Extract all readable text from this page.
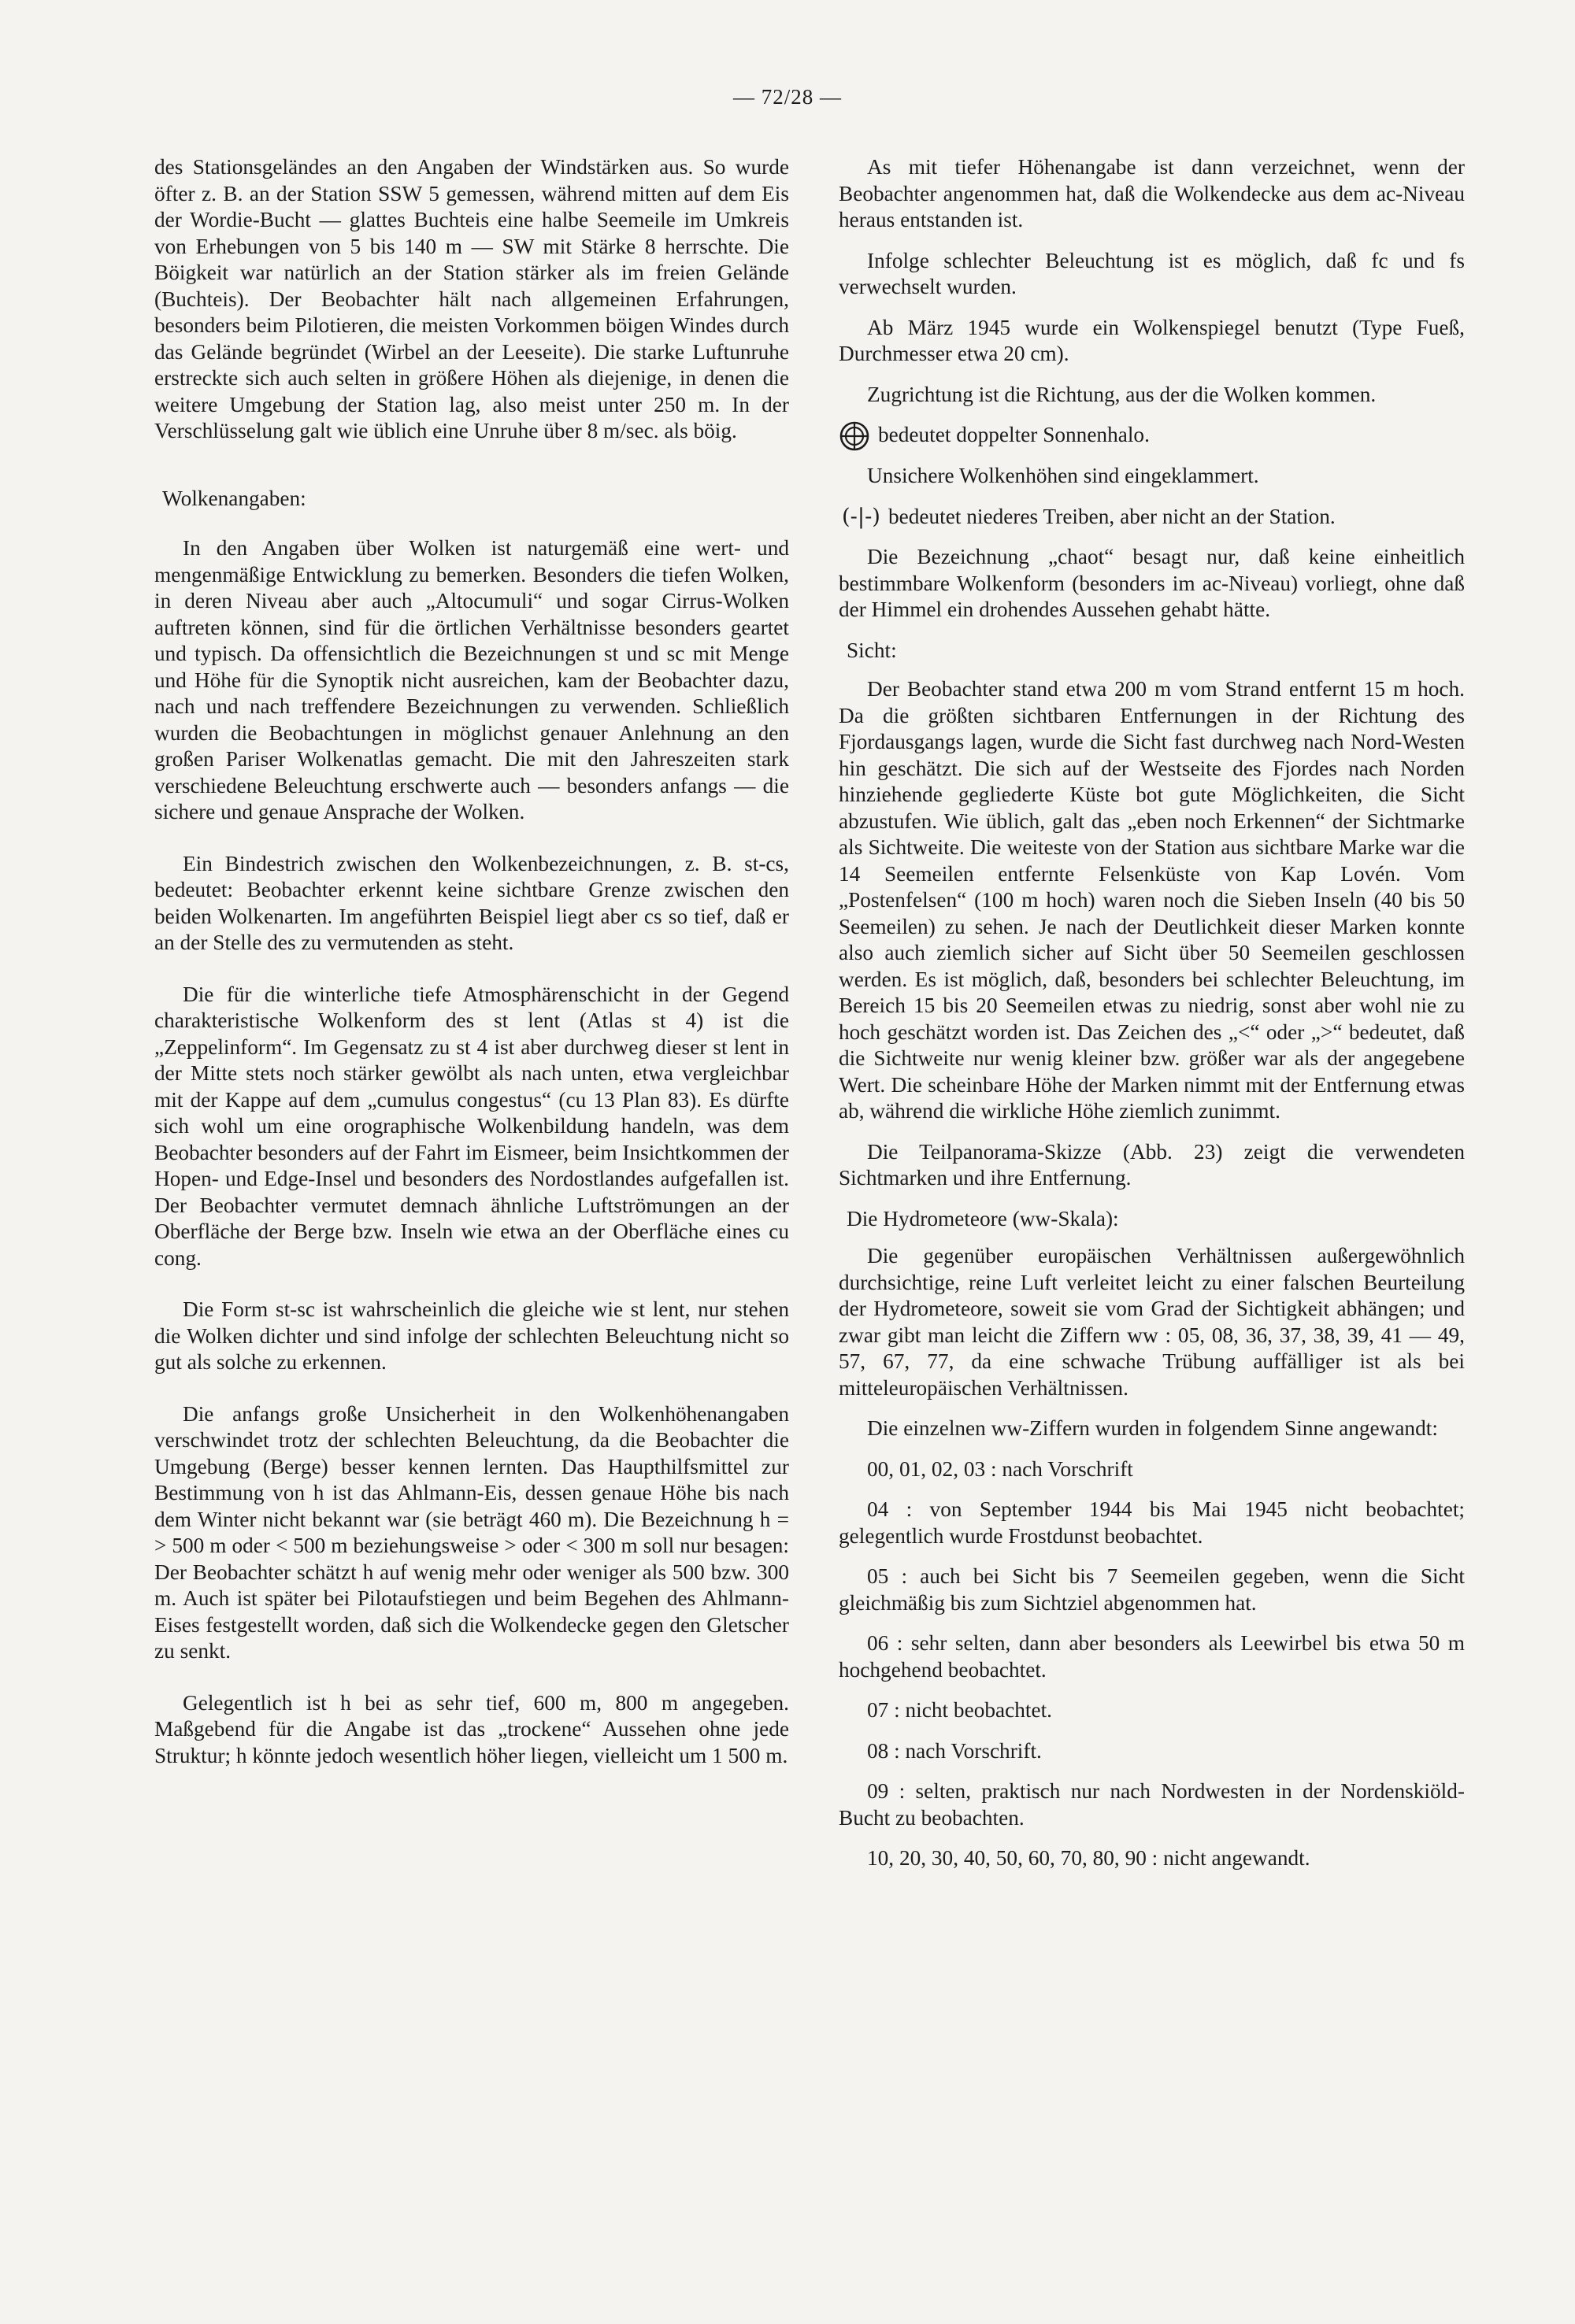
— 72/28 —

des Stationsgeländes an den Angaben der Windstärken aus. So wurde öfter z. B. an der Station SSW 5 gemessen, während mitten auf dem Eis der Wordie-Bucht — glattes Buchteis eine halbe Seemeile im Umkreis von Erhebungen von 5 bis 140 m — SW mit Stärke 8 herrschte. Die Böigkeit war natürlich an der Station stärker als im freien Gelände (Buchteis). Der Beobachter hält nach allgemeinen Erfahrungen, besonders beim Pilotieren, die meisten Vorkommen böigen Windes durch das Gelände begründet (Wirbel an der Leeseite). Die starke Luftunruhe erstreckte sich auch selten in größere Höhen als diejenige, in denen die weitere Umgebung der Station lag, also meist unter 250 m. In der Verschlüsselung galt wie üblich eine Unruhe über 8 m/sec. als böig.

Wolkenangaben:

In den Angaben über Wolken ist naturgemäß eine wert- und mengenmäßige Entwicklung zu bemerken. Besonders die tiefen Wolken, in deren Niveau aber auch „Altocumuli“ und sogar Cirrus-Wolken auftreten können, sind für die örtlichen Verhältnisse besonders geartet und typisch. Da offensichtlich die Bezeichnungen st und sc mit Menge und Höhe für die Synoptik nicht ausreichen, kam der Beobachter dazu, nach und nach treffendere Bezeichnungen zu verwenden. Schließlich wurden die Beobachtungen in möglichst genauer Anlehnung an den großen Pariser Wolkenatlas gemacht. Die mit den Jahreszeiten stark verschiedene Beleuchtung erschwerte auch — besonders anfangs — die sichere und genaue Ansprache der Wolken.

Ein Bindestrich zwischen den Wolkenbezeichnungen, z. B. st-cs, bedeutet: Beobachter erkennt keine sichtbare Grenze zwischen den beiden Wolkenarten. Im angeführten Beispiel liegt aber cs so tief, daß er an der Stelle des zu vermutenden as steht.

Die für die winterliche tiefe Atmosphärenschicht in der Gegend charakteristische Wolkenform des st lent (Atlas st 4) ist die „Zeppelinform“. Im Gegensatz zu st 4 ist aber durchweg dieser st lent in der Mitte stets noch stärker gewölbt als nach unten, etwa vergleichbar mit der Kappe auf dem „cumulus congestus“ (cu 13 Plan 83). Es dürfte sich wohl um eine orographische Wolkenbildung handeln, was dem Beobachter besonders auf der Fahrt im Eismeer, beim Insichtkommen der Hopen- und Edge-Insel und besonders des Nordostlandes aufgefallen ist. Der Beobachter vermutet demnach ähnliche Luftströmungen an der Oberfläche der Berge bzw. Inseln wie etwa an der Oberfläche eines cu cong.

Die Form st-sc ist wahrscheinlich die gleiche wie st lent, nur stehen die Wolken dichter und sind infolge der schlechten Beleuchtung nicht so gut als solche zu erkennen.

Die anfangs große Unsicherheit in den Wolkenhöhenangaben verschwindet trotz der schlechten Beleuchtung, da die Beobachter die Umgebung (Berge) besser kennen lernten. Das Haupthilfsmittel zur Bestimmung von h ist das Ahlmann-Eis, dessen genaue Höhe bis nach dem Winter nicht bekannt war (sie beträgt 460 m). Die Bezeichnung h = > 500 m oder < 500 m beziehungsweise > oder < 300 m soll nur besagen: Der Beobachter schätzt h auf wenig mehr oder weniger als 500 bzw. 300 m. Auch ist später bei Pilotaufstiegen und beim Begehen des Ahlmann-Eises festgestellt worden, daß sich die Wolkendecke gegen den Gletscher zu senkt.

Gelegentlich ist h bei as sehr tief, 600 m, 800 m angegeben. Maßgebend für die Angabe ist das „trockene“ Aussehen ohne jede Struktur; h könnte jedoch wesentlich höher liegen, vielleicht um 1 500 m.

As mit tiefer Höhenangabe ist dann verzeichnet, wenn der Beobachter angenommen hat, daß die Wolkendecke aus dem ac-Niveau heraus entstanden ist.

Infolge schlechter Beleuchtung ist es möglich, daß fc und fs verwechselt wurden.

Ab März 1945 wurde ein Wolkenspiegel benutzt (Type Fueß, Durchmesser etwa 20 cm).

Zugrichtung ist die Richtung, aus der die Wolken kommen.

bedeutet doppelter Sonnenhalo.

Unsichere Wolkenhöhen sind eingeklammert.

(-|-) bedeutet niederes Treiben, aber nicht an der Station.

Die Bezeichnung „chaot“ besagt nur, daß keine einheitlich bestimmbare Wolkenform (besonders im ac-Niveau) vorliegt, ohne daß der Himmel ein drohendes Aussehen gehabt hätte.

Sicht:

Der Beobachter stand etwa 200 m vom Strand entfernt 15 m hoch. Da die größten sichtbaren Entfernungen in der Richtung des Fjordausgangs lagen, wurde die Sicht fast durchweg nach Nord-Westen hin geschätzt. Die sich auf der Westseite des Fjordes nach Norden hinziehende gegliederte Küste bot gute Möglichkeiten, die Sicht abzustufen. Wie üblich, galt das „eben noch Erkennen“ der Sichtmarke als Sichtweite. Die weiteste von der Station aus sichtbare Marke war die 14 Seemeilen entfernte Felsenküste von Kap Lovén. Vom „Postenfelsen“ (100 m hoch) waren noch die Sieben Inseln (40 bis 50 Seemeilen) zu sehen. Je nach der Deutlichkeit dieser Marken konnte also auch ziemlich sicher auf Sicht über 50 Seemeilen geschlossen werden. Es ist möglich, daß, besonders bei schlechter Beleuchtung, im Bereich 15 bis 20 Seemeilen etwas zu niedrig, sonst aber wohl nie zu hoch geschätzt worden ist. Das Zeichen des „<“ oder „>“ bedeutet, daß die Sichtweite nur wenig kleiner bzw. größer war als der angegebene Wert. Die scheinbare Höhe der Marken nimmt mit der Entfernung etwas ab, während die wirkliche Höhe ziemlich zunimmt.

Die Teilpanorama-Skizze (Abb. 23) zeigt die verwendeten Sichtmarken und ihre Entfernung.

Die Hydrometeore (ww-Skala):

Die gegenüber europäischen Verhältnissen außergewöhnlich durchsichtige, reine Luft verleitet leicht zu einer falschen Beurteilung der Hydrometeore, soweit sie vom Grad der Sichtigkeit abhängen; und zwar gibt man leicht die Ziffern ww : 05, 08, 36, 37, 38, 39, 41 — 49, 57, 67, 77, da eine schwache Trübung auffälliger ist als bei mitteleuropäischen Verhältnissen.

Die einzelnen ww-Ziffern wurden in folgendem Sinne angewandt:

00, 01, 02, 03 : nach Vorschrift

04 : von September 1944 bis Mai 1945 nicht beobachtet; gelegentlich wurde Frostdunst beobachtet.

05 : auch bei Sicht bis 7 Seemeilen gegeben, wenn die Sicht gleichmäßig bis zum Sichtziel abgenommen hat.

06 : sehr selten, dann aber besonders als Leewirbel bis etwa 50 m hochgehend beobachtet.

07 : nicht beobachtet.

08 : nach Vorschrift.

09 : selten, praktisch nur nach Nordwesten in der Nordenskiöld-Bucht zu beobachten.

10, 20, 30, 40, 50, 60, 70, 80, 90 : nicht angewandt.
